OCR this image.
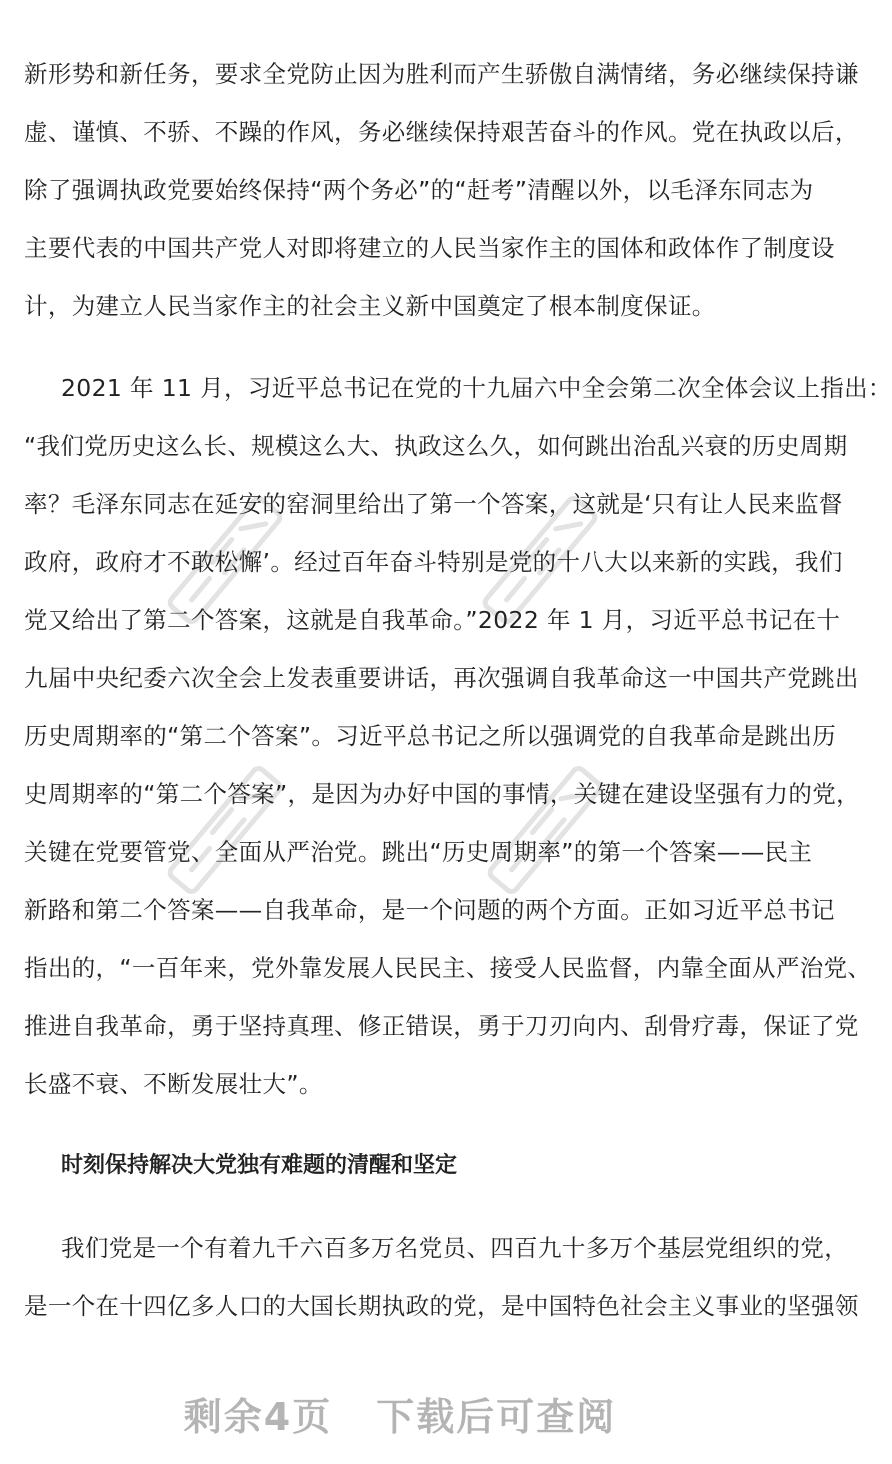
新形势和新任务，要求全党防止因为胜利而产生骄傲自满情绪，务必继续保持谦
虚、谨慎、不骄、不躁的作风，务必继续保持艰苦奋斗的作风。党在执政以后，
除了强调执政党要始终保持“两个务必”的“赶考”清醒以外，以毛泽东同志为
主要代表的中国共产党人对即将建立的人民当家作主的国体和政体作了制度设
计，为建立人民当家作主的社会主义新中国奠定了根本制度保证。
2021 年 11 月，习近平总书记在党的十九届六中全会第二次全体会议上指出：
“我们党历史这么长、规模这么大、执政这么久，如何跳出治乱兴衰的历史周期
率？毛泽东同志在延安的窑洞里给出了第一个答案，这就是‘只有让人民来监督
政府，政府才不敢松懈’。经过百年奋斗特别是党的十八大以来新的实践，我们
党又给出了第二个答案，这就是自我革命。”2022 年 1 月，习近平总书记在十
九届中央纪委六次全会上发表重要讲话，再次强调自我革命这一中国共产党跳出
历史周期率的“第二个答案”。习近平总书记之所以强调党的自我革命是跳出历
史周期率的“第二个答案”，是因为办好中国的事情，关键在建设坚强有力的党，
关键在党要管党、全面从严治党。跳出“历史周期率”的第一个答案——民主
新路和第二个答案——自我革命，是一个问题的两个方面。正如习近平总书记
指出的，“一百年来，党外靠发展人民民主、接受人民监督，内靠全面从严治党、
推进自我革命，勇于坚持真理、修正错误，勇于刀刃向内、刮骨疗毒，保证了党
长盛不衰、不断发展壮大”。
时刻保持解决大党独有难题的清醒和坚定
我们党是一个有着九千六百多万名党员、四百九十多万个基层党组织的党，
是一个在十四亿多人口的大国长期执政的党，是中国特色社会主义事业的坚强领
剩余4页 下载后可查阅
